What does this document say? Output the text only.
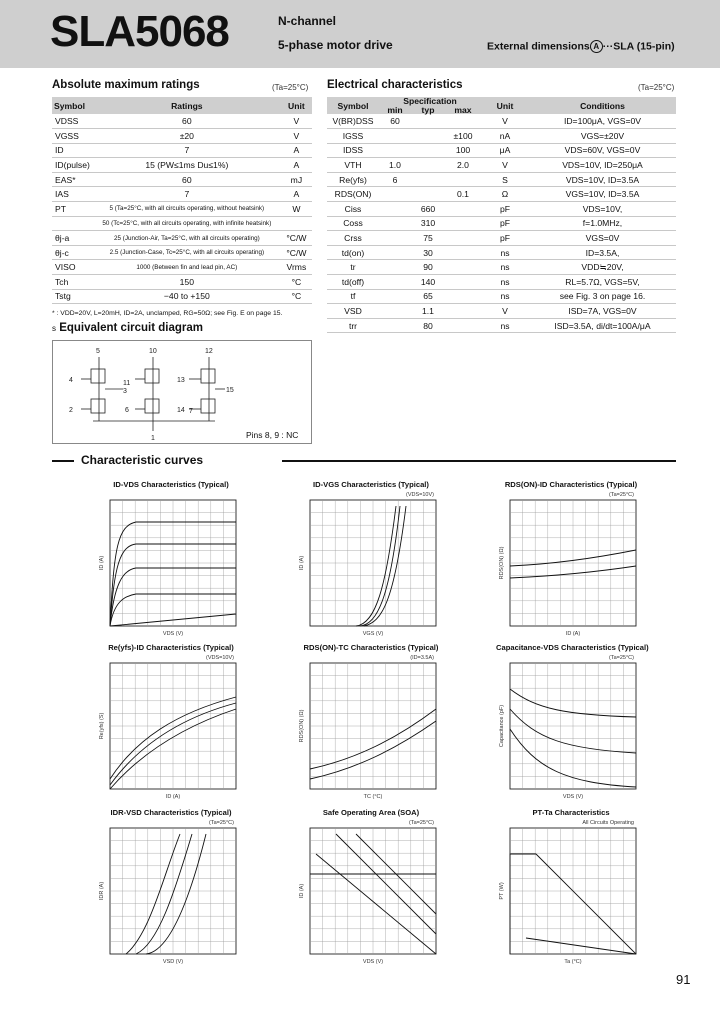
SLA5068	N-channel
5-phase motor drive	External dimensions A ···SLA (15-pin)
Absolute maximum ratings	(Ta=25°C)
Symbol	Ratings	Unit
VDSS	60	V
VGSS	±20	V
ID	7	A
ID(pulse)	15 (PW≤1ms Du≤1%)	A
EAS*	60	mJ
IAS	7	A
PT	5 (Ta=25°C, with all circuits operating, without heatsink)	W
	50 (Tc=25°C, with all circuits operating, with infinite heatsink)	
θj-a	25 (Junction-Air, Ta=25°C, with all circuits operating)	°C/W
θj-c	2.5 (Junction-Case, Tc=25°C, with all circuits operating)	°C/W
VISO	1000 (Between fin and lead pin, AC)	Vrms
Tch	150	°C
Tstg	−40 to +150	°C
* : VDD=20V, L=20mH, ID=2A, unclamped, RG=50Ω; see Fig. E on page 15.
Electrical characteristics	(Ta=25°C)
Symbol	Specification			Unit	Conditions
	min	typ	max		
V(BR)DSS	60			V	ID=100μA, VGS=0V
IGSS			±100	nA	VGS=±20V
IDSS			100	μA	VDS=60V, VGS=0V
VTH	1.0		2.0	V	VDS=10V, ID=250μA
Re(yfs)	6			S	VDS=10V, ID=3.5A
RDS(ON)			0.1	Ω	VGS=10V, ID=3.5A
Ciss		660		pF	VDS=10V,
Coss		310		pF	f=1.0MHz,
Crss		75		pF	VGS=0V
td(on)		30		ns	ID=3.5A,
tr		90		ns	VDD≒20V,
td(off)		140		ns	RL=5.7Ω, VGS=5V,
tf		65		ns	see Fig. 3 on page 16.
VSD		1.1		V	ISD=7A, VGS=0V
trr		80		ns	ISD=3.5A, di/dt=100A/μA
s Equivalent circuit diagram
5	10	12
4	11	13
3	15
2	6	14 7
1	Pins 8, 9 : NC
Characteristic curves
ID-VDS Characteristics (Typical)
VDS (V)
ID (A)
ID-VGS Characteristics (Typical)
VGS (V)
ID (A)
(VDS=10V)
RDS(ON)-ID Characteristics (Typical)
ID (A)
RDS(ON) (Ω)
(Ta=25°C)
Re(yfs)-ID Characteristics (Typical)
ID (A)
Re(yfs) (S)
(VDS=10V)
RDS(ON)-TC Characteristics (Typical)
TC (°C)
RDS(ON) (Ω)
(ID=3.5A)
Capacitance-VDS Characteristics (Typical)
VDS (V)
Capacitance (pF)
(Ta=25°C)
IDR-VSD Characteristics (Typical)
VSD (V)
IDR (A)
(Ta=25°C)
Safe Operating Area (SOA)
VDS (V)
ID (A)
(Ta=25°C)
PT-Ta Characteristics
Ta (°C)
PT (W)
All Circuits Operating
91
